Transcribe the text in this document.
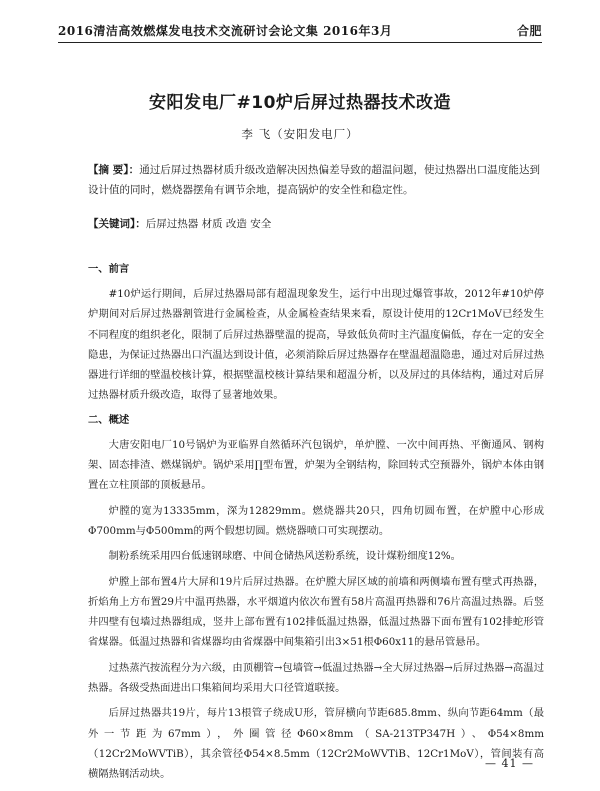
2016清洁高效燃煤发电技术交流研讨会论文集 2016年3月	合肥
安阳发电厂#10炉后屏过热器技术改造
李 飞（安阳发电厂）
【摘 要】：通过后屏过热器材质升级改造解决因热偏差导致的超温问题，使过热器出口温度能达到设计值的同时，燃烧器摆角有调节余地，提高锅炉的安全性和稳定性。
【关键词】：后屏过热器 材质 改造 安全
一、前言

#10炉运行期间，后屏过热器局部有超温现象发生，运行中出现过爆管事故，2012年#10炉停炉期间对后屏过热器割管进行金属检查，从金属检查结果来看，原设计使用的12Cr1MoV已经发生不同程度的组织老化，限制了后屏过热器壁温的提高，导致低负荷时主汽温度偏低，存在一定的安全隐患，为保证过热器出口汽温达到设计值，必须消除后屏过热器存在壁温超温隐患，通过对后屏过热器进行详细的壁温校核计算，根据壁温校核计算结果和超温分析，以及屏过的具体结构，通过对后屏过热器材质升级改造，取得了显著地效果。

二、概述

大唐安阳电厂10号锅炉为亚临界自然循环汽包锅炉，单炉膛、一次中间再热、平衡通风、钢构架、固态排渣、燃煤锅炉。锅炉采用∏型布置，炉架为全钢结构，除回转式空预器外，锅炉本体由钢置在立柱顶部的顶板悬吊。

炉膛的宽为13335mm，深为12829mm。燃烧器共20只，四角切圆布置，在炉膛中心形成Φ700mm与Φ500mm的两个假想切圆。燃烧器喷口可实现摆动。

制粉系统采用四台低速钢球磨、中间仓储热风送粉系统，设计煤粉细度12%。

炉膛上部布置4片大屏和19片后屏过热器。在炉膛大屏区域的前墙和两侧墙布置有壁式再热器，折焰角上方布置29片中温再热器，水平烟道内依次布置有58片高温再热器和76片高温过热器。后竖井四壁有包墙过热器组成，竖井上部布置有102排低温过热器，低温过热器下面布置有102排蛇形管省煤器。低温过热器和省煤器均由省煤器中间集箱引出3×51根Φ60x11的悬吊管悬吊。

过热蒸汽按流程分为六级，由顶棚管→包墙管→低温过热器→全大屏过热器→后屏过热器→高温过热器。各级受热面进出口集箱间均采用大口径管道联接。

后屏过热器共19片，每片13根管子绕成U形，管屏横向节距685.8mm、纵向节距64mm（最外一节距为67mm），外圈管径Φ60×8mm（SA-213TP347H）、Φ54×8mm（12Cr2MoWVTiB），其余管径Φ54×8.5mm（12Cr2MoWVTiB、12Cr1MoV），管间装有高横隔热钢活动块。

— 41 —
